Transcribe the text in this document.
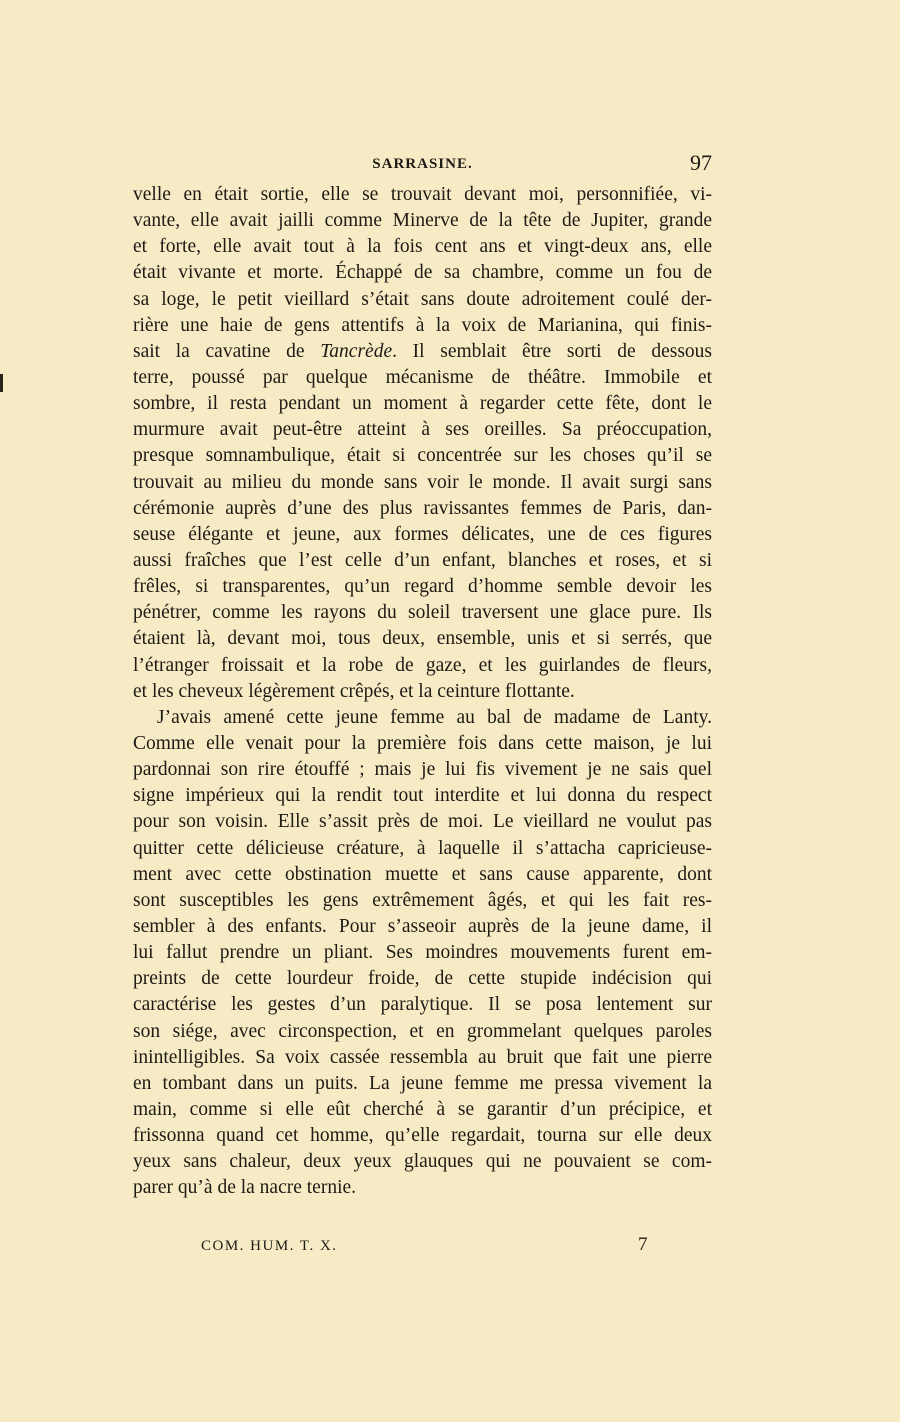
SARRASINE.	97
velle en était sortie, elle se trouvait devant moi, personnifiée, vi-
vante, elle avait jailli comme Minerve de la tête de Jupiter, grande
et forte, elle avait tout à la fois cent ans et vingt-deux ans, elle
était vivante et morte. Échappé de sa chambre, comme un fou de
sa loge, le petit vieillard s’était sans doute adroitement coulé der-
rière une haie de gens attentifs à la voix de Marianina, qui finis-
sait la cavatine de Tancrède. Il semblait être sorti de dessous
terre, poussé par quelque mécanisme de théâtre. Immobile et
sombre, il resta pendant un moment à regarder cette fête, dont le
murmure avait peut-être atteint à ses oreilles. Sa préoccupation,
presque somnambulique, était si concentrée sur les choses qu’il se
trouvait au milieu du monde sans voir le monde. Il avait surgi sans
cérémonie auprès d’une des plus ravissantes femmes de Paris, dan-
seuse élégante et jeune, aux formes délicates, une de ces figures
aussi fraîches que l’est celle d’un enfant, blanches et roses, et si
frêles, si transparentes, qu’un regard d’homme semble devoir les
pénétrer, comme les rayons du soleil traversent une glace pure. Ils
étaient là, devant moi, tous deux, ensemble, unis et si serrés, que
l’étranger froissait et la robe de gaze, et les guirlandes de fleurs,
et les cheveux légèrement crêpés, et la ceinture flottante.
J’avais amené cette jeune femme au bal de madame de Lanty.
Comme elle venait pour la première fois dans cette maison, je lui
pardonnai son rire étouffé ; mais je lui fis vivement je ne sais quel
signe impérieux qui la rendit tout interdite et lui donna du respect
pour son voisin. Elle s’assit près de moi. Le vieillard ne voulut pas
quitter cette délicieuse créature, à laquelle il s’attacha capricieuse-
ment avec cette obstination muette et sans cause apparente, dont
sont susceptibles les gens extrêmement âgés, et qui les fait res-
sembler à des enfants. Pour s’asseoir auprès de la jeune dame, il
lui fallut prendre un pliant. Ses moindres mouvements furent em-
preints de cette lourdeur froide, de cette stupide indécision qui
caractérise les gestes d’un paralytique. Il se posa lentement sur
son siége, avec circonspection, et en grommelant quelques paroles
inintelligibles. Sa voix cassée ressembla au bruit que fait une pierre
en tombant dans un puits. La jeune femme me pressa vivement la
main, comme si elle eût cherché à se garantir d’un précipice, et
frissonna quand cet homme, qu’elle regardait, tourna sur elle deux
yeux sans chaleur, deux yeux glauques qui ne pouvaient se com-
parer qu’à de la nacre ternie.
COM. HUM. T. X.	7
